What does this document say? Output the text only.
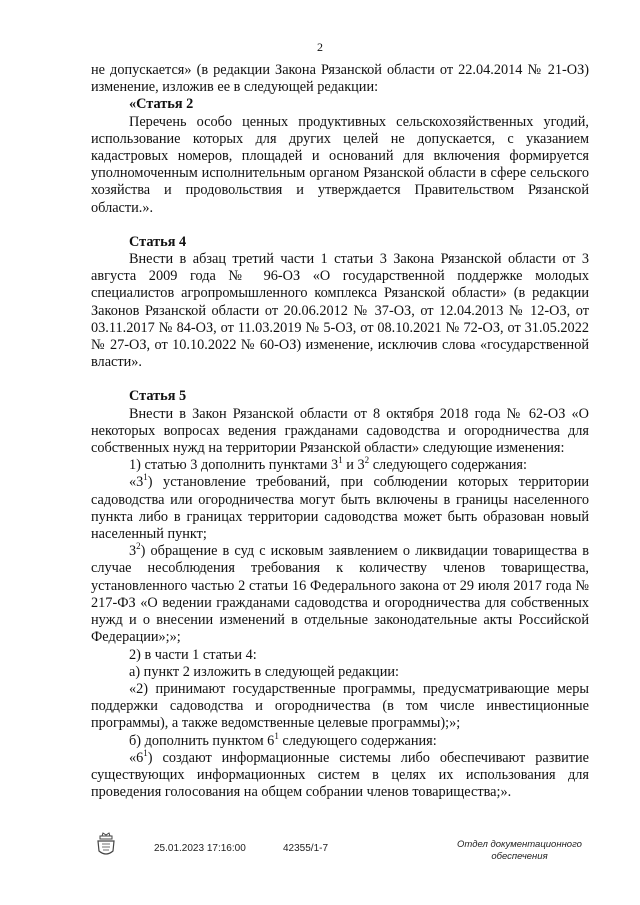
2

не допускается» (в редакции Закона Рязанской области от 22.04.2014 № 21-ОЗ) изменение, изложив ее в следующей редакции:

«Статья 2

Перечень особо ценных продуктивных сельскохозяйственных угодий, использование которых для других целей не допускается, с указанием кадастровых номеров, площадей и оснований для включения формируется уполномоченным исполнительным органом Рязанской области в сфере сельского хозяйства и продовольствия и утверждается Правительством Рязанской области.».

Статья 4

Внести в абзац третий части 1 статьи 3 Закона Рязанской области от 3 августа 2009 года № 96-ОЗ «О государственной поддержке молодых специалистов агропромышленного комплекса Рязанской области» (в редакции Законов Рязанской области от 20.06.2012 № 37-ОЗ, от 12.04.2013 № 12-ОЗ, от 03.11.2017 № 84-ОЗ, от 11.03.2019 № 5-ОЗ, от 08.10.2021 № 72-ОЗ, от 31.05.2022 № 27-ОЗ, от 10.10.2022 № 60-ОЗ) изменение, исключив слова «государственной власти».

Статья 5

Внести в Закон Рязанской области от 8 октября 2018 года № 62-ОЗ «О некоторых вопросах ведения гражданами садоводства и огородничества для собственных нужд на территории Рязанской области» следующие изменения:

1) статью 3 дополнить пунктами $3^1$ и $3^2$ следующего содержания:

«$3^1$) установление требований, при соблюдении которых территории садоводства или огородничества могут быть включены в границы населенного пункта либо в границах территории садоводства может быть образован новый населенный пункт;

$3^2$) обращение в суд с исковым заявлением о ликвидации товарищества в случае несоблюдения требования к количеству членов товарищества, установленного частью 2 статьи 16 Федерального закона от 29 июля 2017 года № 217-ФЗ «О ведении гражданами садоводства и огородничества для собственных нужд и о внесении изменений в отдельные законодательные акты Российской Федерации»;»;

2) в части 1 статьи 4:

а) пункт 2 изложить в следующей редакции:

«2) принимают государственные программы, предусматривающие меры поддержки садоводства и огородничества (в том числе инвестиционные программы), а также ведомственные целевые программы);»;

б) дополнить пунктом $6^1$ следующего содержания:

«$6^1$) создают информационные системы либо обеспечивают развитие существующих информационных систем в целях их использования для проведения голосования на общем собрании членов товарищества;».

25.01.2023 17:16:00	42355/1-7	Отдел документационного
обеспечения
